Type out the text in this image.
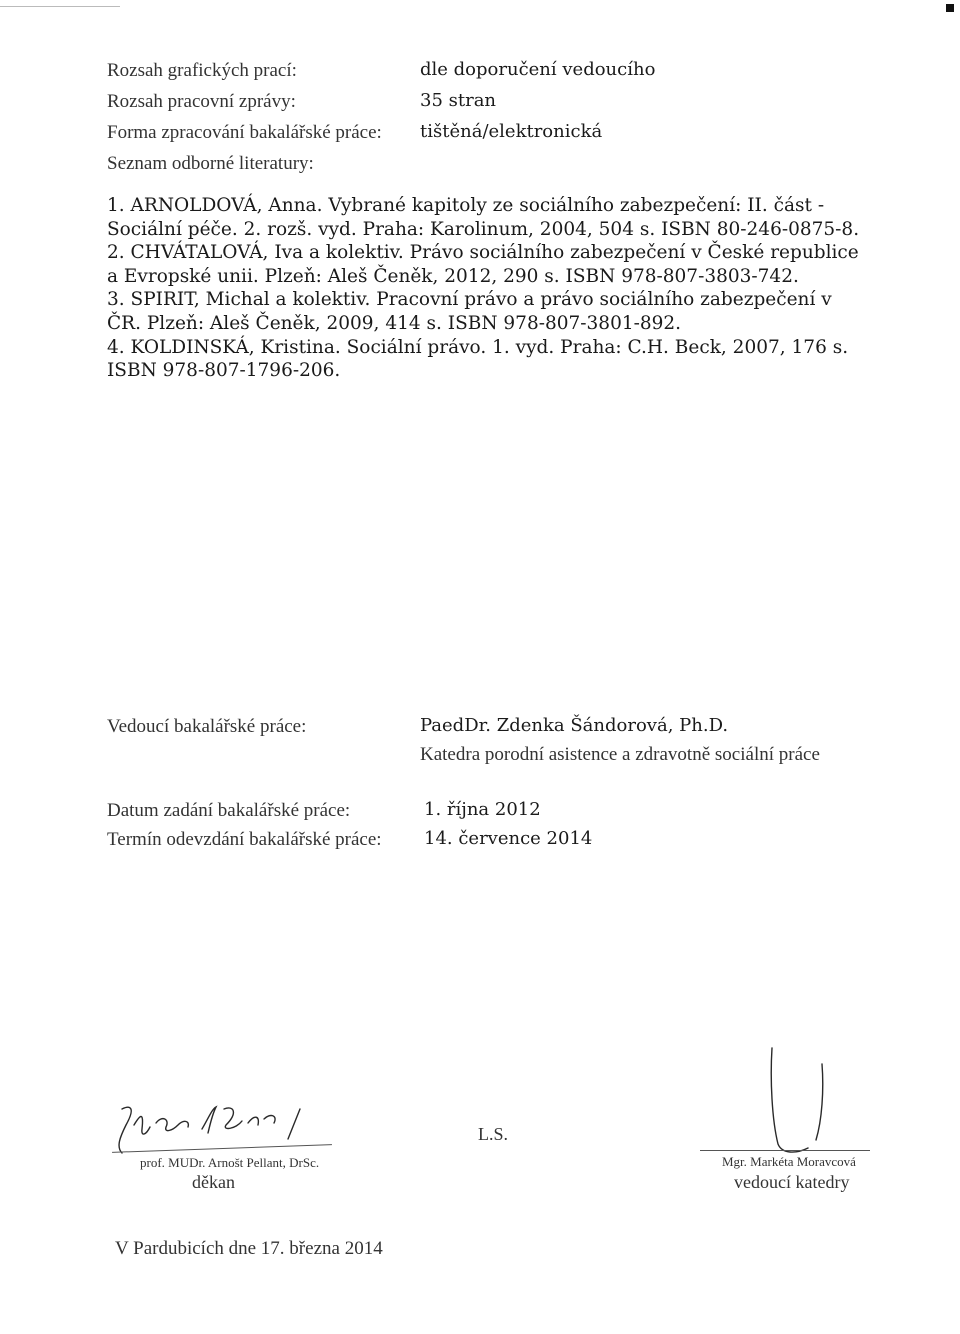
Rozsah grafických prací:	dle doporučení vedoucího
Rozsah pracovní zprávy:	35 stran
Forma zpracování bakalářské práce: tištěná/elektronická
Seznam odborné literatury:
1. ARNOLDOVÁ, Anna. Vybrané kapitoly ze sociálního zabezpečení: II. část - Sociální péče. 2. rozš. vyd. Praha: Karolinum, 2004, 504 s. ISBN 80-246-0875-8.
2. CHVÁTALOVÁ, Iva a kolektiv. Právo sociálního zabezpečení v České republice a Evropské unii. Plzeň: Aleš Čeněk, 2012, 290 s. ISBN 978-807-3803-742.
3. SPIRIT, Michal a kolektiv. Pracovní právo a právo sociálního zabezpečení v ČR. Plzeň: Aleš Čeněk, 2009, 414 s. ISBN 978-807-3801-892.
4. KOLDINSKÁ, Kristina. Sociální právo. 1. vyd. Praha: C.H. Beck, 2007, 176 s. ISBN 978-807-1796-206.
Vedoucí bakalářské práce:	PaedDr. Zdenka Šándorová, Ph.D.
Katedra porodní asistence a zdravotně sociální práce
Datum zadání bakalářské práce:	1. října 2012
Termín odevzdání bakalářské práce: 14. července 2014
prof. MUDr. Arnošt Pellant, DrSc.
děkan
L.S.
Mgr. Markéta Moravcová
vedoucí katedry
V Pardubicích dne 17. března 2014
